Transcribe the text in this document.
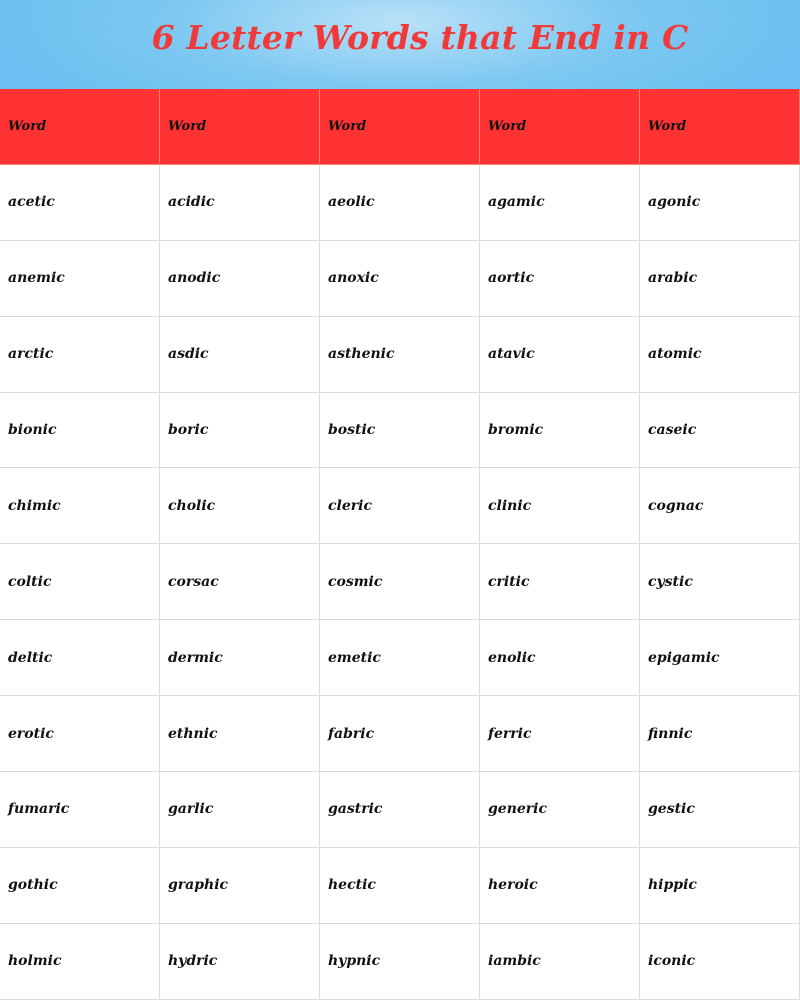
6 Letter Words that End in C
Word	Word	Word	Word	Word
acetic	acidic	aeolic	agamic	agonic
anemic	anodic	anoxic	aortic	arabic
arctic	asdic	asthenic	atavic	atomic
bionic	boric	bostic	bromic	caseic
chimic	cholic	cleric	clinic	cognac
coltic	corsac	cosmic	critic	cystic
deltic	dermic	emetic	enolic	epigamic
erotic	ethnic	fabric	ferric	finnic
fumaric	garlic	gastric	generic	gestic
gothic	graphic	hectic	heroic	hippic
holmic	hydric	hypnic	iambic	iconic
